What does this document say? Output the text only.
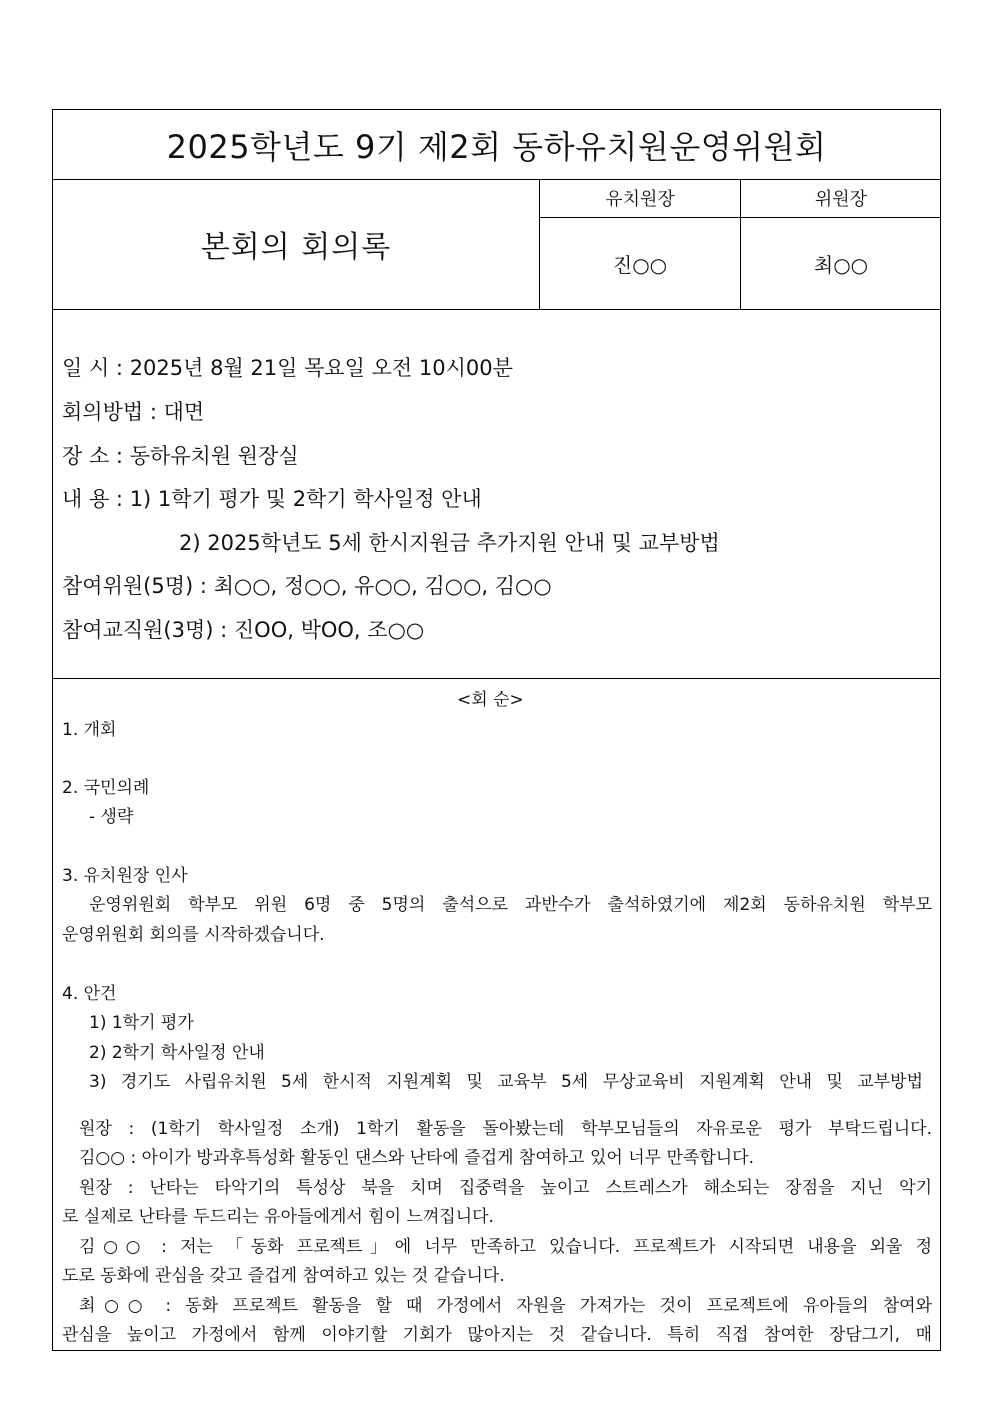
2025학년도 9기 제2회 동하유치원운영위원회
본회의 회의록
유치원장
진○○
위원장
최○○
일 시 : 2025년 8월 21일 목요일 오전 10시00분
회의방법 : 대면
장 소 : 동하유치원 원장실
내 용 : 1) 1학기 평가 및 2학기 학사일정 안내
2) 2025학년도 5세 한시지원금 추가지원 안내 및 교부방법
참여위원(5명) : 최○○, 정○○, 유○○, 김○○, 김○○
참여교직원(3명) : 진OO, 박OO, 조○○
<회 순>
1. 개회
2. 국민의례
- 생략
3. 유치원장 인사
운영위원회 학부모 위원 6명 중 5명의 출석으로 과반수가 출석하였기에 제2회 동하유치원 학부모
운영위원회 회의를 시작하겠습니다.
4. 안건
1) 1학기 평가
2) 2학기 학사일정 안내
3) 경기도 사립유치원 5세 한시적 지원계획 및 교육부 5세 무상교육비 지원계획 안내 및 교부방법
원장 : (1학기 학사일정 소개) 1학기 활동을 돌아봤는데 학부모님들의 자유로운 평가 부탁드립니다.
김○○ : 아이가 방과후특성화 활동인 댄스와 난타에 즐겁게 참여하고 있어 너무 만족합니다.
원장 : 난타는 타악기의 특성상 북을 치며 집중력을 높이고 스트레스가 해소되는 장점을 지닌 악기
로 실제로 난타를 두드리는 유아들에게서 힘이 느껴집니다.
김○○ : 저는 「동화 프로젝트」에 너무 만족하고 있습니다. 프로젝트가 시작되면 내용을 외울 정
도로 동화에 관심을 갖고 즐겁게 참여하고 있는 것 같습니다.
최○○ : 동화 프로젝트 활동을 할 때 가정에서 자원을 가져가는 것이 프로젝트에 유아들의 참여와
관심을 높이고 가정에서 함께 이야기할 기회가 많아지는 것 같습니다. 특히 직접 참여한 장담그기, 매
